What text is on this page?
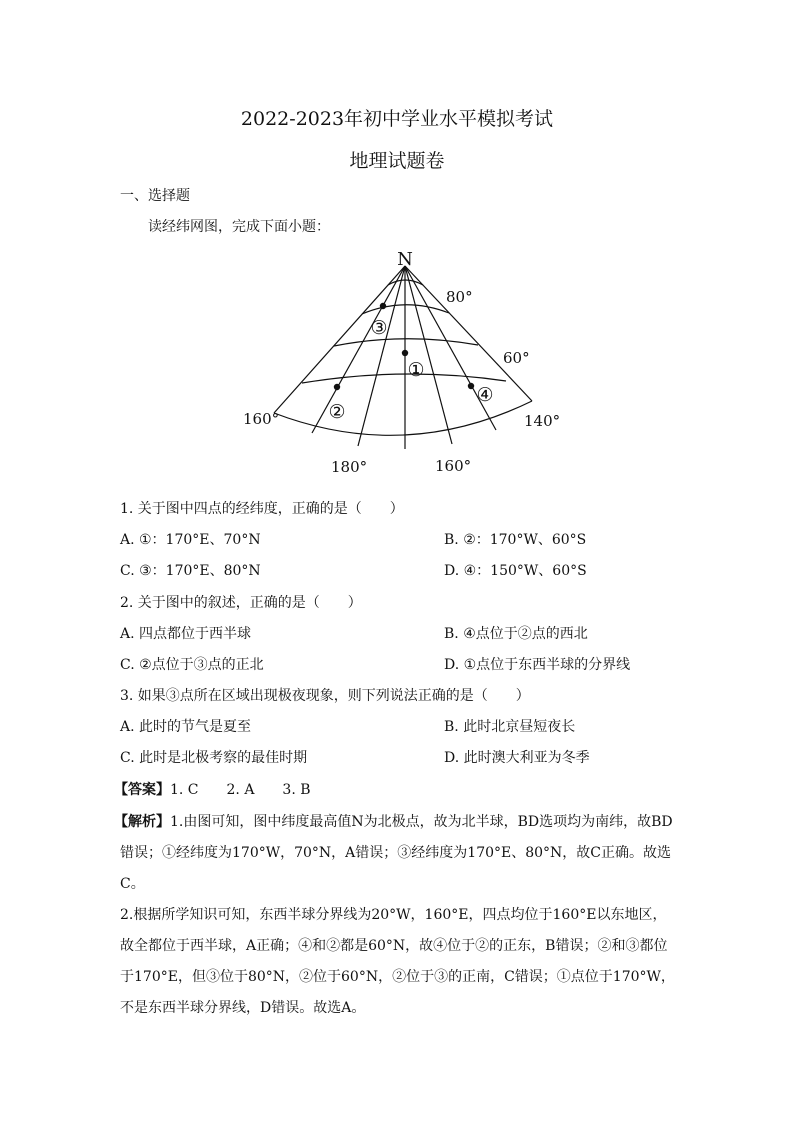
2022-2023年初中学业水平模拟考试
地理试题卷
一、选择题
读经纬网图，完成下面小题：
N
80°
60°
160°	140°
180°	160°
①
②
③
④
1. 关于图中四点的经纬度，正确的是（　　）
A. ①：170°E、70°N	B. ②：170°W、60°S
C. ③：170°E、80°N	D. ④：150°W、60°S
2. 关于图中的叙述，正确的是（　　）
A. 四点都位于西半球	B. ④点位于②点的西北
C. ②点位于③点的正北	D. ①点位于东西半球的分界线
3. 如果③点所在区域出现极夜现象，则下列说法正确的是（　　）
A. 此时的节气是夏至	B. 此时北京昼短夜长
C. 此时是北极考察的最佳时期	D. 此时澳大利亚为冬季
【答案】1. C　　2. A　　3. B
【解析】1.由图可知，图中纬度最高值N为北极点，故为北半球，BD选项均为南纬，故BD
错误；①经纬度为170°W，70°N，A错误；③经纬度为170°E、80°N，故C正确。故选
C。
2.根据所学知识可知，东西半球分界线为20°W，160°E，四点均位于160°E以东地区，
故全都位于西半球，A正确；④和②都是60°N，故④位于②的正东，B错误；②和③都位
于170°E，但③位于80°N，②位于60°N，②位于③的正南，C错误；①点位于170°W，
不是东西半球分界线，D错误。故选A。
